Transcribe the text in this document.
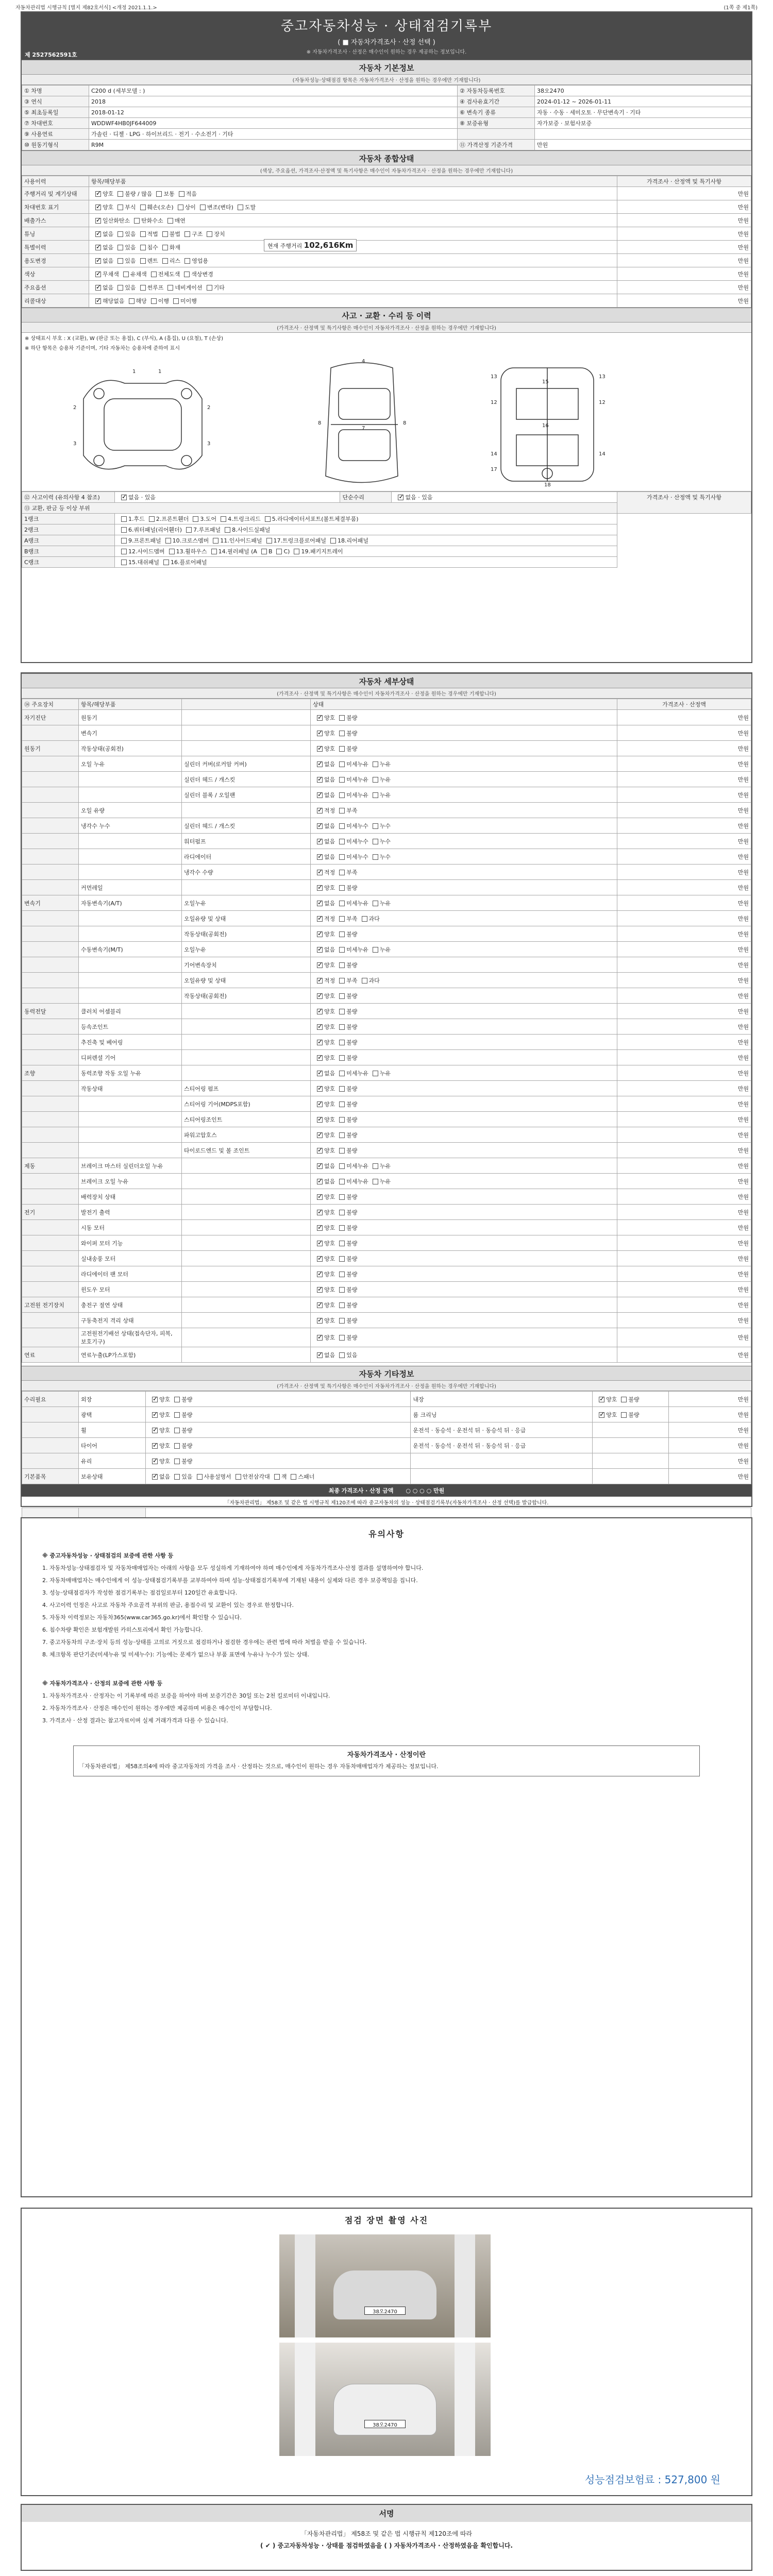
자동차관리법 시행규칙 [별지 제82호서식] <개정 2021.1.1.>	(1쪽 중 제1쪽)
중고자동차성능 · 상태점검기록부
( ■ 자동차가격조사 · 산정 선택 )
※ 자동차가격조사 · 산정은 매수인이 원하는 경우 제공하는 정보입니다.
제 2527562591호
자동차 기본정보
(자동차성능·상태점검 항목은 자동차가격조사 · 산정을 원하는 경우에만 기재합니다)
① 차명	C200 d (세부모델 : )	② 자동차등록번호	38오2470
③ 연식	2018	④ 검사유효기간	2024-01-12 ~ 2026-01-11
⑤ 최초등록일	2018-01-12	⑥ 변속기 종류	자동 · 수동 · 세미오토 · 무단변속기 · 기타
⑦ 차대번호	WDDWF4HB0JF644009	⑧ 보증유형	자가보증 · 보험사보증
⑨ 사용연료	가솔린 · 디젤 · LPG · 하이브리드 · 전기 · 수소전기 · 기타		
⑩ 원동기형식	R9M	⑪ 가격산정 기준가격	만원
자동차 종합상태
(색상, 주요옵션, 가격조사·산정액 및 특기사항은 매수인이 자동차가격조사 · 산정을 원하는 경우에만 기재합니다)
사용이력	항목/해당부품	가격조사 · 산정액 및 특기사항
주행거리 및 계기상태	✓양호 불량 / 많음 보통 적음	만원
차대번호 표기	✓양호 부식 훼손(오손) 상이 변조(변타) 도말	만원
배출가스	✓일산화탄소 탄화수소 매연	만원
튜닝	✓없음 있음 적법 불법 구조 장치	만원
특별이력	✓없음 있음 침수 화재	만원
용도변경	✓없음 있음 렌트 리스 영업용	만원
색상	✓무채색 유채색 전체도색 색상변경	만원
주요옵션	✓없음 있음 썬루프 네비게이션 기타	만원
리콜대상	✓해당없음 해당 이행 미이행	만원
현재 주행거리 102,616Km
사고 · 교환 · 수리 등 이력
(가격조사 · 산정액 및 특기사항은 매수인이 자동차가격조사 · 산정을 원하는 경우에만 기재합니다)
※ 상태표시 부호 : X (교환), W (판금 또는 용접), C (부식), A (흠집), U (요철), T (손상)
※ 하단 항목은 승용차 기준이며, 기타 자동차는 승용차에 준하여 표시
1	1
2	2
3	3
4
7
8	8
13	13
12	12
16
15
14	14
18
17
⑫ 사고이력 (유의사항 4 참조)	✓없음 · 있음	단순수리	✓없음 · 있음	가격조사 · 산정액 및 특기사항
⑬ 교환, 판금 등 이상 부위				
1랭크	1.후드 2.프론트휀더 3.도어 4.트렁크리드 5.라디에이터서포트(볼트체결부품)			
2랭크	6.쿼터패널(리어휀더) 7.루프패널 8.사이드실패널			
A랭크	9.프론트패널 10.크로스멤버 11.인사이드패널 17.트렁크플로어패널 18.리어패널			
B랭크	12.사이드멤버 13.휠하우스 14.필러패널 (A B C) 19.패키지트레이			
C랭크	15.대쉬패널 16.플로어패널			
자동차 세부상태
(가격조사 · 산정액 및 특기사항은 매수인이 자동차가격조사 · 산정을 원하는 경우에만 기재합니다)
⑭ 주요장치	항목/해당부품		상태	가격조사 · 산정액
자기진단	원동기		✓양호 불량	만원
	변속기		✓양호 불량	만원
원동기	작동상태(공회전)		✓양호 불량	만원
	오일 누유	실린더 커버(로커암 커버)	✓없음 미세누유 누유	만원
		실린더 헤드 / 개스킷	✓없음 미세누유 누유	만원
		실린더 블록 / 오일팬	✓없음 미세누유 누유	만원
	오일 유량		✓적정 부족	만원
	냉각수 누수	실린더 헤드 / 개스킷	✓없음 미세누수 누수	만원
		워터펌프	✓없음 미세누수 누수	만원
		라디에이터	✓없음 미세누수 누수	만원
		냉각수 수량	✓적정 부족	만원
	커먼레일		✓양호 불량	만원
변속기	자동변속기(A/T)	오일누유	✓없음 미세누유 누유	만원
		오일유량 및 상태	✓적정 부족 과다	만원
		작동상태(공회전)	✓양호 불량	만원
	수동변속기(M/T)	오일누유	✓없음 미세누유 누유	만원
		기어변속장치	✓양호 불량	만원
		오일유량 및 상태	✓적정 부족 과다	만원
		작동상태(공회전)	✓양호 불량	만원
동력전달	클러치 어셈블리		✓양호 불량	만원
	등속조인트		✓양호 불량	만원
	추진축 및 베어링		✓양호 불량	만원
	디퍼렌셜 기어		✓양호 불량	만원
조향	동력조향 작동 오일 누유		✓없음 미세누유 누유	만원
	작동상태	스티어링 펌프	✓양호 불량	만원
		스티어링 기어(MDPS포함)	✓양호 불량	만원
		스티어링조인트	✓양호 불량	만원
		파워고압호스	✓양호 불량	만원
		타이로드엔드 및 볼 조인트	✓양호 불량	만원
제동	브레이크 마스터 실린더오일 누유		✓없음 미세누유 누유	만원
	브레이크 오일 누유		✓없음 미세누유 누유	만원
	배력장치 상태		✓양호 불량	만원
전기	발전기 출력		✓양호 불량	만원
	시동 모터		✓양호 불량	만원
	와이퍼 모터 기능		✓양호 불량	만원
	실내송풍 모터		✓양호 불량	만원
	라디에이터 팬 모터		✓양호 불량	만원
	윈도우 모터		✓양호 불량	만원
고전원 전기장치	충전구 절연 상태		✓양호 불량	만원
	구동축전지 격리 상태		✓양호 불량	만원
	고전원전기배선 상태(접속단자, 피복, 보호기구)		✓양호 불량	만원
연료	연료누출(LP가스포함)		✓없음 있음	만원
자동차 기타정보
(가격조사 · 산정액 및 특기사항은 매수인이 자동차가격조사 · 산정을 원하는 경우에만 기재합니다)
수리필요	외장	✓양호 불량	내장	✓양호 불량	만원
	광택	✓양호 불량	룸 크리닝	✓양호 불량	만원
	휠	✓양호 불량	운전석 · 동승석 · 운전석 뒤 · 동승석 뒤 · 응급		만원
	타이어	✓양호 불량	운전석 · 동승석 · 운전석 뒤 · 동승석 뒤 · 응급		만원
	유리	✓양호 불량			만원
기본품목	보유상태	✓없음 있음 사용설명서 안전삼각대 잭 스패너			만원
최종 가격조사 · 산정 금액 ○ ○ ○ ○ 만원
「자동차관리법」 제58조 및 같은 법 시행규칙 제120조에 따라 중고자동차의 성능 · 상태점검기록부(자동차가격조사 · 산정 선택)를 발급합니다.

유의사항
※ 중고자동차성능 · 상태점검의 보증에 관한 사항 등
1. 자동차성능·상태점검자 및 자동차매매업자는 아래의 사항을 모두 성실하게 기재하여야 하며 매수인에게 자동차가격조사·산정 결과를 설명하여야 합니다.
2. 자동차매매업자는 매수인에게 이 성능·상태점검기록부를 교부하여야 하며 성능·상태점검기록부에 기재된 내용이 실제와 다른 경우 보증책임을 집니다.
3. 성능·상태점검자가 작성한 점검기록부는 점검일로부터 120일간 유효합니다.
4. 사고이력 인정은 사고로 자동차 주요골격 부위의 판금, 용접수리 및 교환이 있는 경우로 한정합니다.
5. 자동차 이력정보는 자동차365(www.car365.go.kr)에서 확인할 수 있습니다.
6. 침수차량 확인은 보험개발원 카히스토리에서 확인 가능합니다.
7. 중고자동차의 구조·장치 등의 성능·상태를 고의로 거짓으로 점검하거나 점검한 경우에는 관련 법에 따라 처벌을 받을 수 있습니다.
8. 체크항목 판단기준(미세누유 및 미세누수): 기능에는 문제가 없으나 부품 표면에 누유나 누수가 있는 상태.
※ 자동차가격조사 · 산정의 보증에 관한 사항 등
1. 자동차가격조사 · 산정자는 이 기록부에 따른 보증을 하여야 하며 보증기간은 30일 또는 2천 킬로미터 이내입니다.
2. 자동차가격조사 · 산정은 매수인이 원하는 경우에만 제공하며 비용은 매수인이 부담합니다.
3. 가격조사 · 산정 결과는 참고자료이며 실제 거래가격과 다를 수 있습니다.
자동차가격조사 · 산정이란
「자동차관리법」 제58조의4에 따라 중고자동차의 가격을 조사 · 산정하는 것으로, 매수인이 원하는 경우 자동차매매업자가 제공하는 정보입니다.
점검 장면 촬영 사진
38오2470
38오2470
성능점검보험료 : 527,800 원
서명
「자동차관리법」 제58조 및 같은 법 시행규칙 제120조에 따라
( ✔ ) 중고자동차성능 · 상태를 점검하였음을 ( ) 자동차가격조사 · 산정하였음을 확인합니다.
